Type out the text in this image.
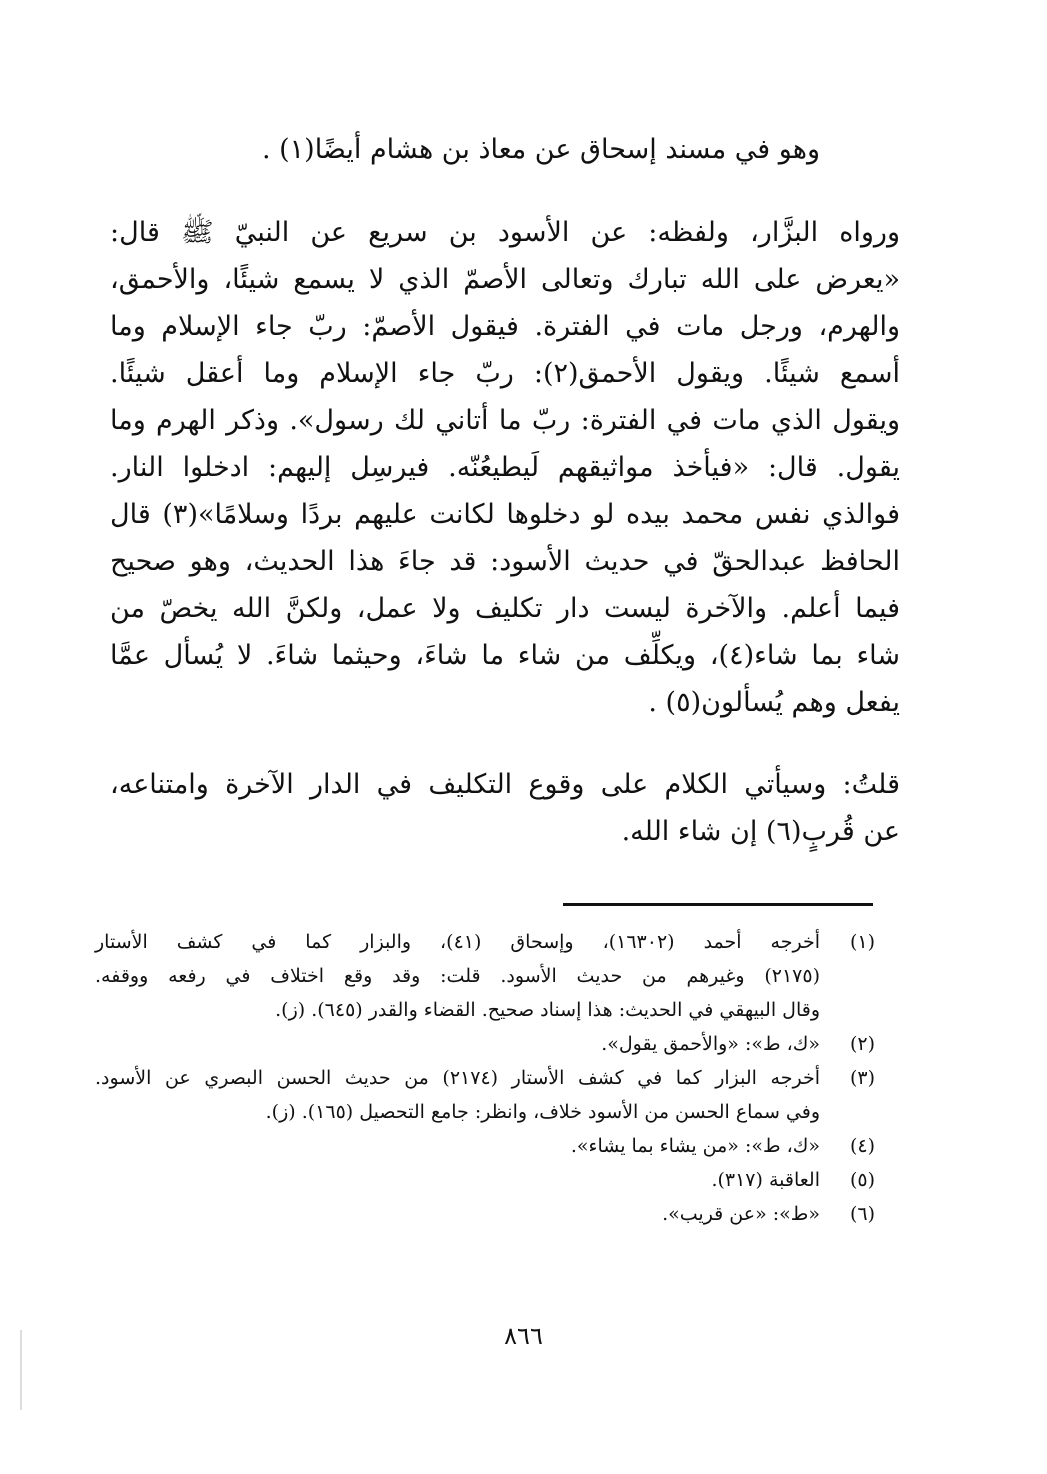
وهو في مسند إسحاق عن معاذ بن هشام أيضًا(١) .
ورواه البزَّار، ولفظه: عن الأسود بن سريع عن النبيّ ﷺ قال:
«يعرض على الله تبارك وتعالى الأصمّ الذي لا يسمع شيئًا، والأحمق،
والهرم، ورجل مات في الفترة. فيقول الأصمّ: ربّ جاء الإسلام وما
أسمع شيئًا. ويقول الأحمق(٢): ربّ جاء الإسلام وما أعقل شيئًا.
ويقول الذي مات في الفترة: ربّ ما أتاني لك رسول». وذكر الهرم وما
يقول. قال: «فيأخذ مواثيقهم لَيطيعُنّه. فيرسِل إليهم: ادخلوا النار.
فوالذي نفس محمد بيده لو دخلوها لكانت عليهم بردًا وسلامًا»(٣) قال
الحافظ عبدالحقّ في حديث الأسود: قد جاءَ هذا الحديث، وهو صحيح
فيما أعلم. والآخرة ليست دار تكليف ولا عمل، ولكنَّ الله يخصّ من
شاء بما شاء(٤)، ويكلِّف من شاء ما شاءَ، وحيثما شاءَ. لا يُسأل عمَّا
يفعل وهم يُسألون(٥) .
قلتُ: وسيأتي الكلام على وقوع التكليف في الدار الآخرة وامتناعه،
عن قُربٍ(٦) إن شاء الله.
(١)
أخرجه أحمد (١٦٣٠٢)، وإسحاق (٤١)، والبزار كما في كشف الأستار
(٢١٧٥) وغيرهم من حديث الأسود. قلت: وقد وقع اختلاف في رفعه ووقفه.
وقال البيهقي في الحديث: هذا إسناد صحيح. القضاء والقدر (٦٤٥). (ز).
(٢)
«ك، ط»: «والأحمق يقول».
(٣)
أخرجه البزار كما في كشف الأستار (٢١٧٤) من حديث الحسن البصري عن الأسود.
وفي سماع الحسن من الأسود خلاف، وانظر: جامع التحصيل (١٦٥). (ز).
(٤)
«ك، ط»: «من يشاء بما يشاء».
(٥)
العاقبة (٣١٧).
(٦)
«ط»: «عن قريب».
٨٦٦
